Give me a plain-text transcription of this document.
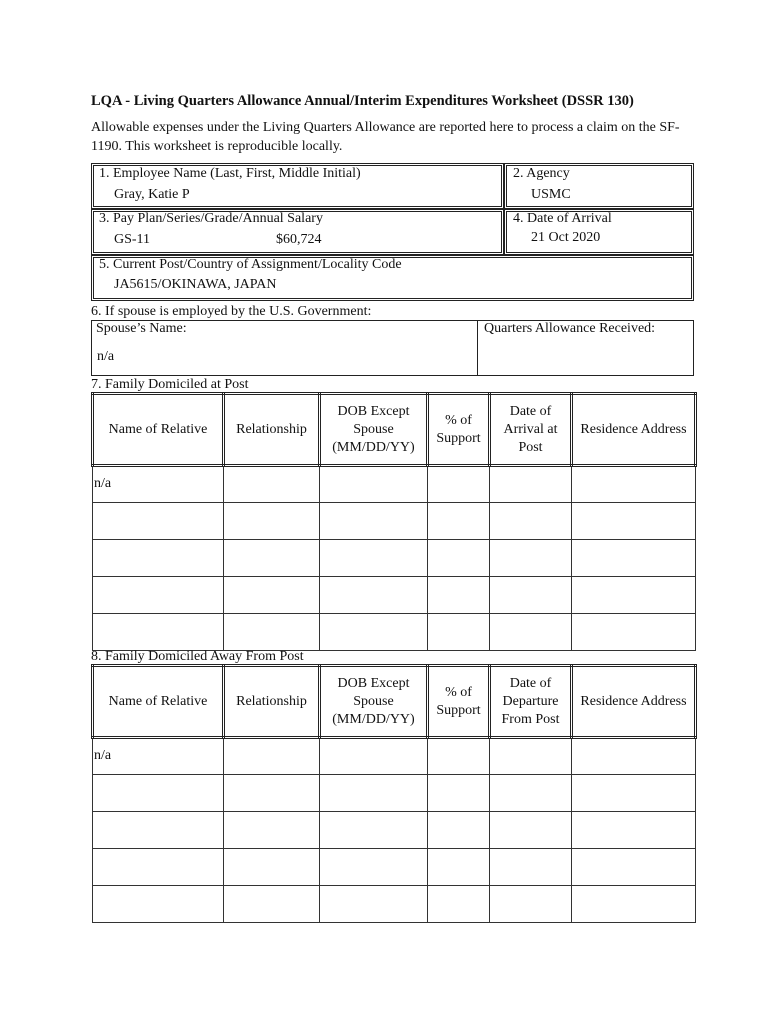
LQA - Living Quarters Allowance Annual/Interim Expenditures Worksheet (DSSR 130)
Allowable expenses under the Living Quarters Allowance are reported here to process a claim on the SF-1190. This worksheet is reproducible locally.
1. Employee Name (Last, First, Middle Initial)
Gray, Katie P
2. Agency
USMC
3. Pay Plan/Series/Grade/Annual Salary
GS-11	$60,724
4. Date of Arrival
21 Oct 2020
5. Current Post/Country of Assignment/Locality Code
JA5615/OKINAWA, JAPAN
6. If spouse is employed by the U.S. Government:
Spouse’s Name:
n/a
Quarters Allowance Received:
7. Family Domiciled at Post
Name of Relative	Relationship	DOB Except Spouse (MM/DD/YY)	% of Support	Date of Arrival at Post	Residence Address
n/a					

8. Family Domiciled Away From Post
Name of Relative	Relationship	DOB Except Spouse (MM/DD/YY)	% of Support	Date of Departure From Post	Residence Address
n/a					
